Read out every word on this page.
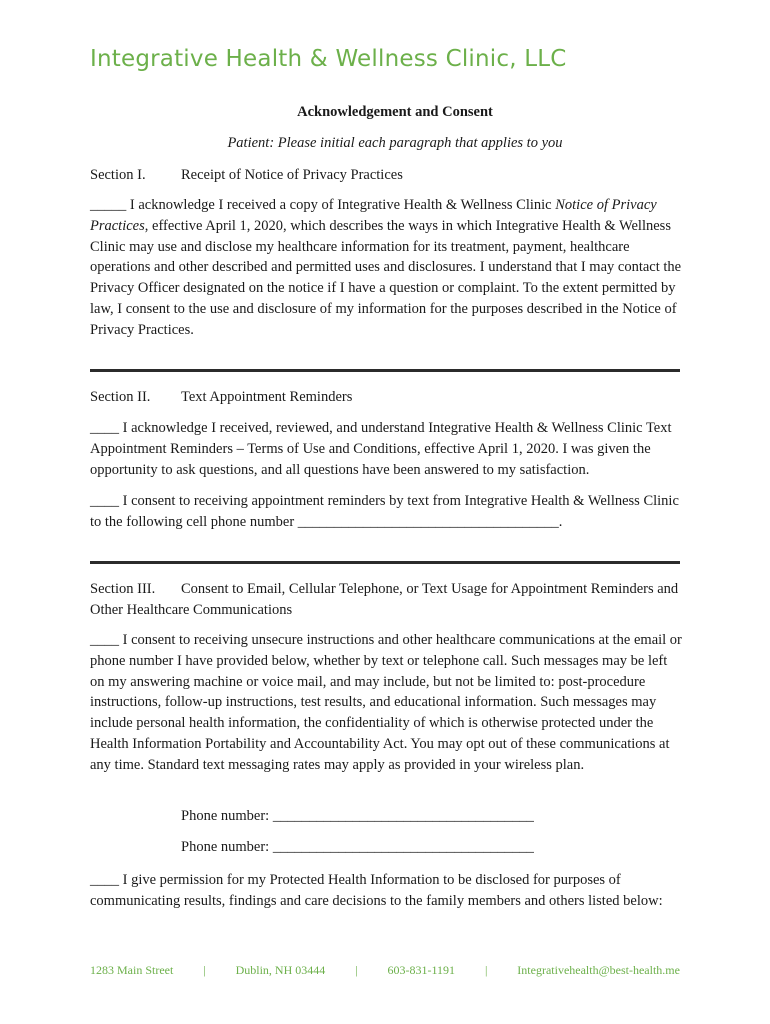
Integrative Health & Wellness Clinic, LLC
Acknowledgement and Consent
Patient: Please initial each paragraph that applies to you
Section I. Receipt of Notice of Privacy Practices
_____ I acknowledge I received a copy of Integrative Health & Wellness Clinic Notice of Privacy Practices, effective April 1, 2020, which describes the ways in which Integrative Health & Wellness Clinic may use and disclose my healthcare information for its treatment, payment, healthcare operations and other described and permitted uses and disclosures. I understand that I may contact the Privacy Officer designated on the notice if I have a question or complaint. To the extent permitted by law, I consent to the use and disclosure of my information for the purposes described in the Notice of Privacy Practices.
Section II. Text Appointment Reminders
____ I acknowledge I received, reviewed, and understand Integrative Health & Wellness Clinic Text Appointment Reminders – Terms of Use and Conditions, effective April 1, 2020. I was given the opportunity to ask questions, and all questions have been answered to my satisfaction.
____ I consent to receiving appointment reminders by text from Integrative Health & Wellness Clinic to the following cell phone number ____________________________________.
Section III. Consent to Email, Cellular Telephone, or Text Usage for Appointment Reminders and Other Healthcare Communications
____ I consent to receiving unsecure instructions and other healthcare communications at the email or phone number I have provided below, whether by text or telephone call. Such messages may be left on my answering machine or voice mail, and may include, but not be limited to: post-procedure instructions, follow-up instructions, test results, and educational information. Such messages may include personal health information, the confidentiality of which is otherwise protected under the Health Information Portability and Accountability Act. You may opt out of these communications at any time. Standard text messaging rates may apply as provided in your wireless plan.
Phone number: ____________________________________
Phone number: ____________________________________
____ I give permission for my Protected Health Information to be disclosed for purposes of communicating results, findings and care decisions to the family members and others listed below:
1283 Main Street | Dublin, NH 03444 | 603-831-1191 | Integrativehealth@best-health.me
